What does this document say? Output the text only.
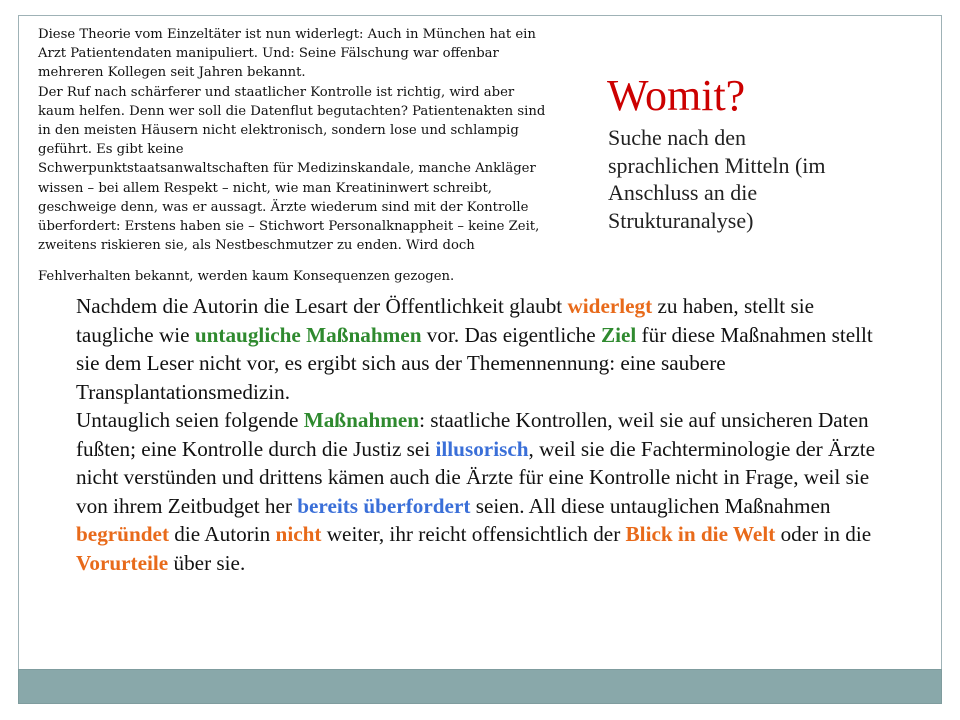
Diese Theorie vom Einzeltäter ist nun widerlegt: Auch in München hat ein
Arzt Patientendaten manipuliert. Und: Seine Fälschung war offenbar
mehreren Kollegen seit Jahren bekannt.
Der Ruf nach schärferer und staatlicher Kontrolle ist richtig, wird aber
kaum helfen. Denn wer soll die Datenflut begutachten? Patientenakten sind
in den meisten Häusern nicht elektronisch, sondern lose und schlampig
geführt. Es gibt keine
Schwerpunktstaatsanwaltschaften für Medizinskandale, manche Ankläger
wissen – bei allem Respekt – nicht, wie man Kreatininwert schreibt,
geschweige denn, was er aussagt. Ärzte wiederum sind mit der Kontrolle
überfordert: Erstens haben sie – Stichwort Personalknappheit – keine Zeit,
zweitens riskieren sie, als Nestbeschmutzer zu enden. Wird doch

Fehlverhalten bekannt, werden kaum Konsequenzen gezogen.

Womit?
Suche nach den
sprachlichen Mitteln (im
Anschluss an die
Strukturanalyse)

Nachdem die Autorin die Lesart der Öffentlichkeit glaubt widerlegt zu haben, stellt sie taugliche wie untaugliche Maßnahmen vor. Das eigentliche Ziel für diese Maßnahmen stellt sie dem Leser nicht vor, es ergibt sich aus der Themennennung: eine saubere Transplantationsmedizin.

Untauglich seien folgende Maßnahmen: staatliche Kontrollen, weil sie auf unsicheren Daten fußten; eine Kontrolle durch die Justiz sei illusorisch, weil sie die Fachterminologie der Ärzte nicht verstünden und drittens kämen auch die Ärzte für eine Kontrolle nicht in Frage, weil sie von ihrem Zeitbudget her bereits überfordert seien. All diese untauglichen Maßnahmen begründet die Autorin nicht weiter, ihr reicht offensichtlich der Blick in die Welt oder in die Vorurteile über sie.
